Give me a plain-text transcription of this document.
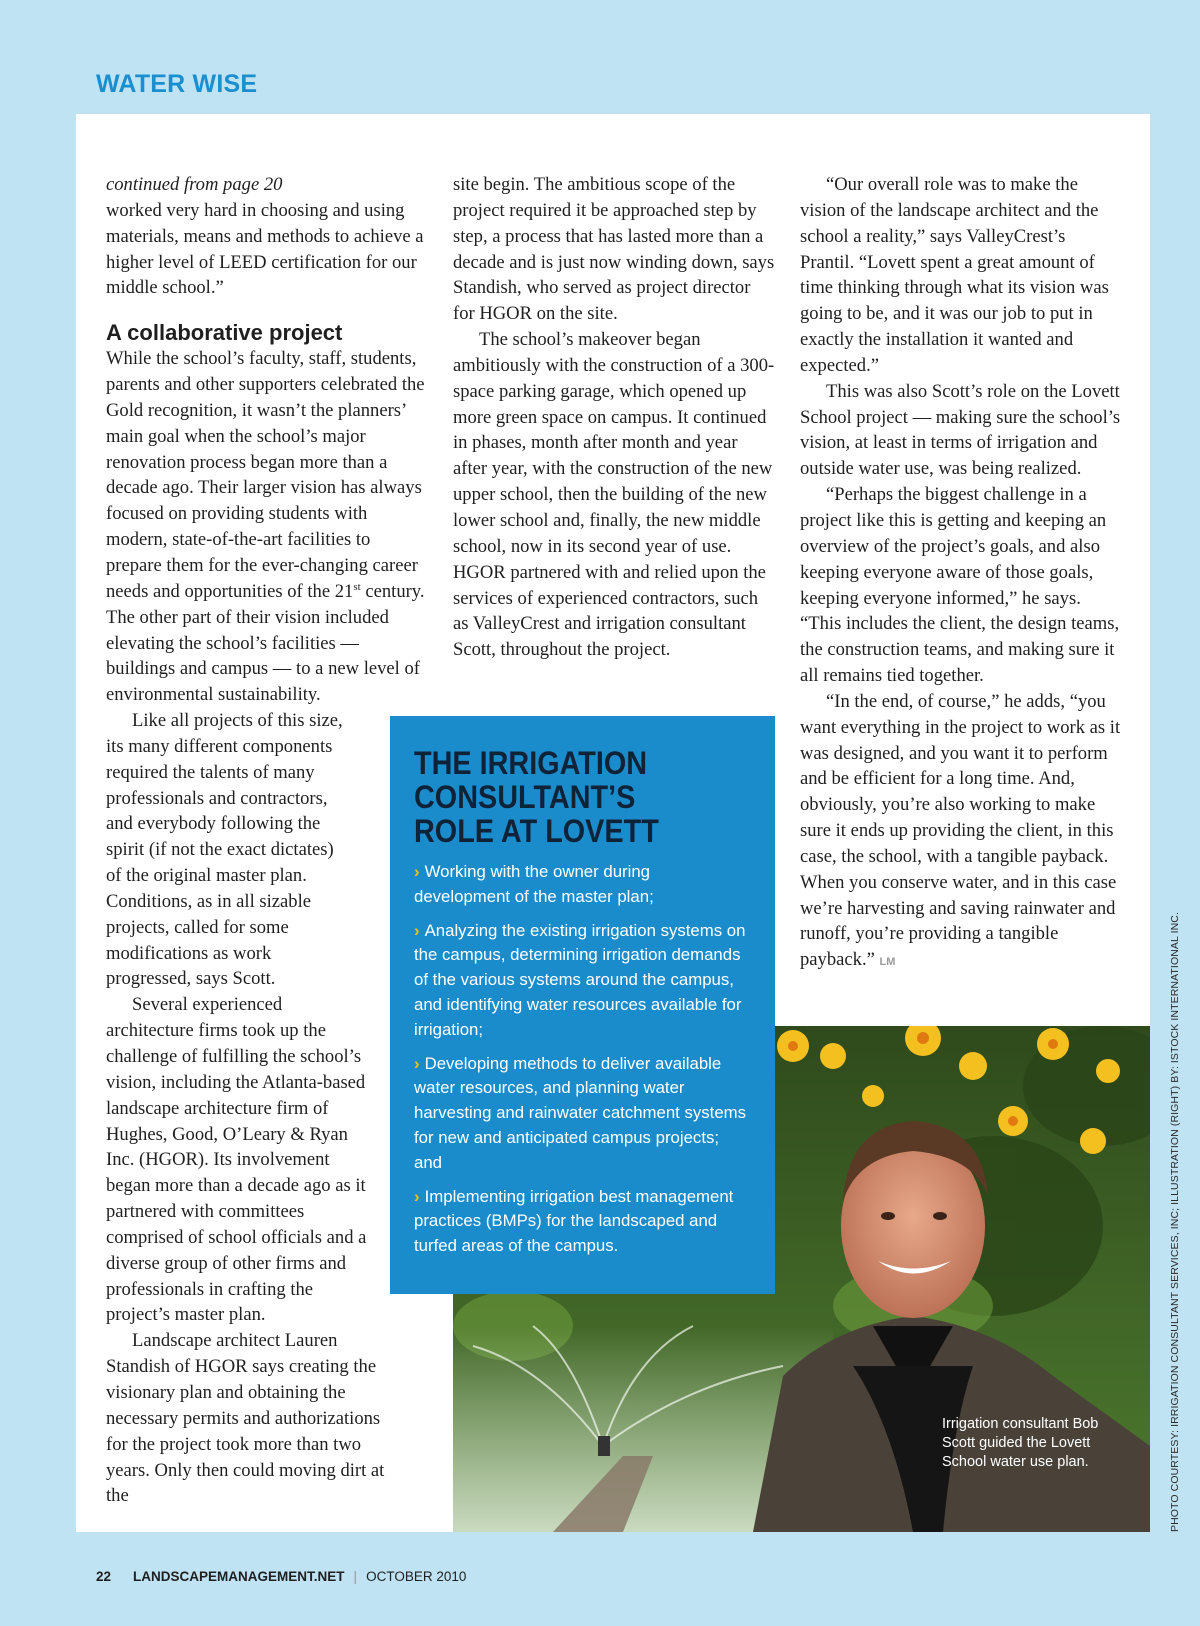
WATER WISE

continued from page 20

worked very hard in choosing and using materials, means and methods to achieve a higher level of LEED certification for our middle school.”

A collaborative project

While the school’s faculty, staff, students, parents and other supporters celebrated the Gold recognition, it wasn’t the planners’ main goal when the school’s major renovation process began more than a decade ago. Their larger vision has always focused on providing students with modern, state-of-the-art facilities to prepare them for the ever-changing career needs and opportunities of the 21st century. The other part of their vision included elevating the school’s facilities — buildings and campus — to a new level of environmental sustainability.

Like all projects of this size, its many different components required the talents of many professionals and contractors, and everybody following the spirit (if not the exact dictates) of the original master plan. Conditions, as in all sizable projects, called for some modifications as work progressed, says Scott.

Several experienced architecture firms took up the challenge of fulfilling the school’s vision, including the Atlanta-based landscape architecture firm of Hughes, Good, O’Leary & Ryan Inc. (HGOR). Its involvement began more than a decade ago as it partnered with committees comprised of school officials and a diverse group of other firms and professionals in crafting the project’s master plan.

Landscape architect Lauren Standish of HGOR says creating the visionary plan and obtaining the necessary permits and authorizations for the project took more than two years. Only then could moving dirt at the

site begin. The ambitious scope of the project required it be approached step by step, a process that has lasted more than a decade and is just now winding down, says Standish, who served as project director for HGOR on the site.

The school’s makeover began ambitiously with the construction of a 300-space parking garage, which opened up more green space on campus. It continued in phases, month after month and year after year, with the construction of the new upper school, then the building of the new lower school and, finally, the new middle school, now in its second year of use. HGOR partnered with and relied upon the services of experienced contractors, such as ValleyCrest and irrigation consultant Scott, throughout the project.

“Our overall role was to make the vision of the landscape architect and the school a reality,” says ValleyCrest’s Prantil. “Lovett spent a great amount of time thinking through what its vision was going to be, and it was our job to put in exactly the installation it wanted and expected.”

This was also Scott’s role on the Lovett School project — making sure the school’s vision, at least in terms of irrigation and outside water use, was being realized.

“Perhaps the biggest challenge in a project like this is getting and keeping an overview of the project’s goals, and also keeping everyone aware of those goals, keeping everyone informed,” he says. “This includes the client, the design teams, the construction teams, and making sure it all remains tied together.

“In the end, of course,” he adds, “you want everything in the project to work as it was designed, and you want it to perform and be efficient for a long time. And, obviously, you’re also working to make sure it ends up providing the client, in this case, the school, with a tangible payback. When you conserve water, and in this case we’re harvesting and saving rainwater and runoff, you’re providing a tangible payback.” LM

THE IRRIGATION CONSULTANT’S ROLE AT LOVETT
› Working with the owner during development of the master plan;
› Analyzing the existing irrigation systems on the campus, determining irrigation demands of the various systems around the campus, and identifying water resources available for irrigation;
› Developing methods to deliver available water resources, and planning water harvesting and rainwater catchment systems for new and anticipated campus projects; and
› Implementing irrigation best management practices (BMPs) for the landscaped and turfed areas of the campus.
Irrigation consultant Bob Scott guided the Lovett School water use plan.	PHOTO COURTESY: IRRIGATION CONSULTANT SERVICES, INC; ILLUSTRATION (RIGHT) BY: ISTOCK INTERNATIONAL INC.
22 LANDSCAPEMANAGEMENT.NET | OCTOBER 2010
